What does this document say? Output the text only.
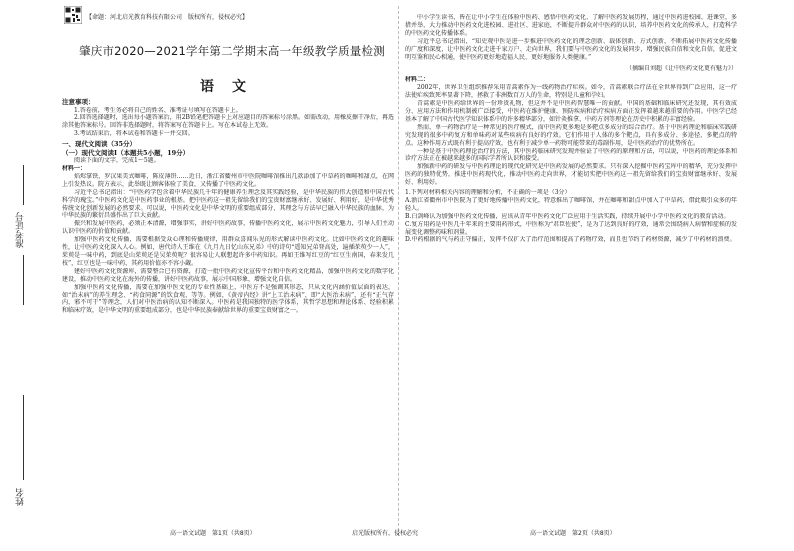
准考证号
姓名
【命题：河北启光教育科技有限公司　版权所有，侵权必究】
肇庆市2020—2021学年第二学期末高一年级教学质量检测
语文

注意事项：

1.答卷前，考生务必将自己的姓名、准考证号填写在答题卡上。

2.回答选择题时，选出每小题答案后，用2B铅笔把答题卡上对应题目的答案标号涂黑。如需改动，用橡皮擦干净后，再选涂其他答案标号。回答非选择题时，将答案写在答题卡上。写在本试卷上无效。

3.考试结束后，将本试卷和答题卡一并交回。

一、现代文阅读（35分）

（一）现代文阅读Ⅰ（本题共5小题，19分）

阅读下面的文字，完成1～5题。

材料一：

焰烬掌铁，罗汉果美式咖啡，陈皮薄饼……近日，浙江省衢州市中医院咖啡馆推出几款添加了中草药的咖啡和甜点，在网上引发热议。院方表示，此举既让顾客体验了美食，又传播了中医药文化。

习近平总书记指出：“中医药学包含着中华民族几千年的健康养生理念及其实践经验，是中华民族的伟大创造和中国古代科学的瑰宝。”中医药文化是中医药事业的根基。把中医药这一祖先留给我们的宝贵财富继承好、发展好、利用好，是中华优秀传统文化创新发展的必然要求。可以说，中医药文化是中华文明的重要组成部分，其理念与方法早已融入中华民族的血脉，为中华民族的繁衍昌盛作出了巨大贡献。

振兴和发展中医药，必须正本清源，增强事实，讲好中医药故事，传播中医药文化，展示中医药文化魅力，引导人们主动认识中医药的价值和贡献。

加强中医药文化传播，需要根据受众心理和传播规律，用群众喜闻乐见的形式解读中医药文化。比如中医药文化的趣味性，让中医药文化深入人心。例如，唐代诗人王维在《九月九日忆山东兄弟》中的诗句“遥知兄弟登高处，遍插茱萸少一人”，茱萸是一味中药，到底是山茱萸还是吴茱萸呢？很容易让人联想起许多中药知识。再如王维写红豆的“红豆生南国，春来发几枝”，红豆也是一味中药，其药用价值亦不容小觑。

建好中医药文化资源库，需要整合已有资源，打造一批中医药文化宣传平台和中医药文化精品，加强中医药文化的数字化建设，推动中医药文化在海外的传播，讲好中医药故事，展示中国形象，增强文化自信。

加强中医药文化传播，需要在加强中医文化的专业性基础上，中医方不是强调其形态，只从文化内涵价值层面的表达，如“治未病”的养生理念、“药食同源”的饮食观，等等。例如，《黄帝内经》讲“上工治未病”，即“大医治未病”，还有“正气存内，邪不可干”等理念，人们对中医治病的认知不断深入。中医药是我国独特的医学体系，其哲学思想和理论体系、经验积累和临床疗效，是中华文明的重要组成部分，也是中华民族奉献给世界的重要宝贵财富之一。

中小学生读书，皆在让中小学生在体验中医药、感悟中医药文化、了解中医药发展历程，通过中医药进校园、进课堂，多措并举，大力推动中医药文化进校园、进社区、进家庭，不断提升群众对中医药的认识，培养中医药文化的传承人，打造科学的中医药文化传播体系。

习近平总书记指出，“知史观中医是进一步推进中医药文化的理念创新、载体创新、方式创新，不断拓展中医药文化传播的广度和深度，让中医药文化走进千家万户、走向世界，我们要与中医药文化的发展同步，增强民族自信和文化自信，促进文明互鉴和民心相通，使中医药更好地造福人民、更好地服务人类健康。”

（摘编自刘超《让中医药文化更有魅力》）

材料二：

2002年，世界卫生组织推荐采用青蒿素作为一线药物治疗疟疾。如今，青蒿素联合疗法在全世界得到广泛应用，这一疗法使疟疾致死率显著下降，拯救了非洲数百万人的生命，特别是儿童和孕妇。

青蒿素是中医药给世界的一份珍贵礼物，但这并不是中医药智慧唯一的贡献。中国的基础和临床研究还发现，其有效成分、应用方法和作用机制被广泛接受，中医药在维护健康、预防疾病和治疗疾病方面正发挥着越来越重要的作用。中医学已经基本了解了中国古代医学知识体系中的许多精华部分，如针灸推拿、中药方剂等理论在历史中积累的丰富经验。

然而，单一药物治疗是一种常见的医疗模式，而中医药更多地是多靶点多成分的综合治疗。基于中医药理论和临床实践研究发现的很多中药复方和单味药对某些疾病有良好的疗效。它们作用于人体的多个靶点，具有多成分、多途径、多靶点的特点。这种作用方式既有利于提高疗效，也有利于减少单一药物可能带来的毒副作用，是中医药治疗的优势所在。

一种是基于中医药理论治疗的方法，其中医药临床研究发现并验证了中医药的原理和方法，可以说，中医药的理论体系和诊疗方法正在被越来越多的国际学者所认识和接受。

加强新中药的研发与中医药理论的现代化研究是中医药发展的必然要求。只有深入挖掘中医药宝库中的精华，充分发挥中医药的独特优势，推进中医药现代化，推动中医药走向世界，才能切实把中医药这一祖先留给我们的宝贵财富继承好、发展好、利用好。

1.下列对材料相关内容的理解和分析，不正确的一项是（3分）

A.浙江省衢州市中医院为了更好地传播中医药文化，特意推出了咖啡馆，并在咖啡和甜点中加入了中草药，借此吸引众多的年轻人。

B.白剑峰认为加强中医药文化传播，应该从青年中医药文化广泛应用于生活实践，持续开展中小学中医药文化的教育活动。

C.复方用药是中医几千年来的主要用药形式，中医称为“君臣佐使”，是为了达到良好的疗效，通常会围绕病人病情和症候的发展变化调整药味和剂量。

D.中药根据的气与药正守偏正，发挥不仅扩大了治疗范围和提高了药物疗效，而且也节约了药材资源，减少了中药材的浪费。

高一语文试题　第1页（共8页）	启光版权所有，侵权必究	高一语文试题　第2页（共8页）
